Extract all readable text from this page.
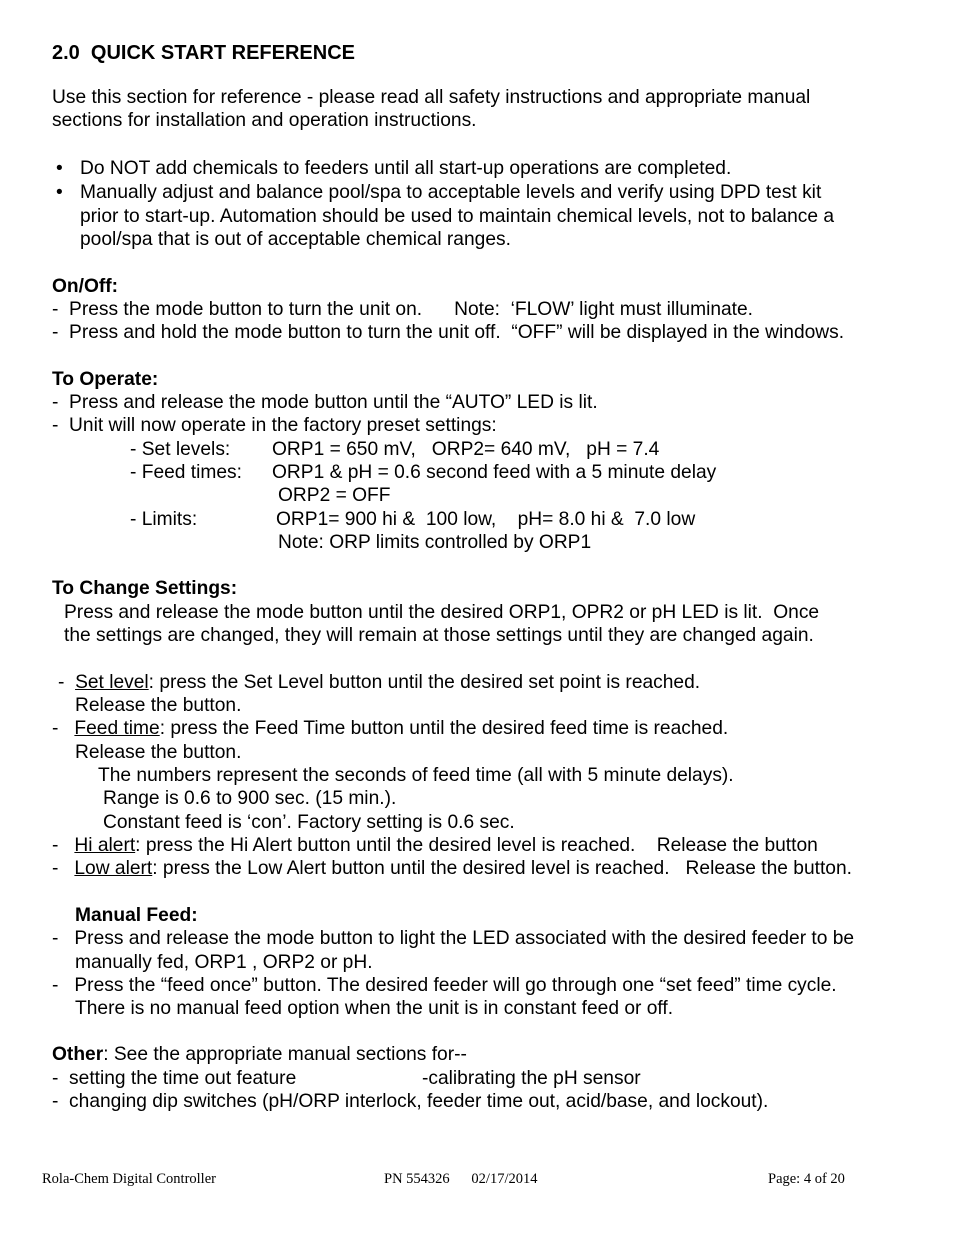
2.0  QUICK START REFERENCE
Use this section for reference - please read all safety instructions and appropriate manual
sections for installation and operation instructions.
• Do NOT add chemicals to feeders until all start-up operations are completed.
• Manually adjust and balance pool/spa to acceptable levels and verify using DPD test kit
prior to start-up. Automation should be used to maintain chemical levels, not to balance a
pool/spa that is out of acceptable chemical ranges.
On/Off:
-  Press the mode button to turn the unit on.      Note:  ‘FLOW’ light must illuminate.
-  Press and hold the mode button to turn the unit off.  “OFF” will be displayed in the windows.
To Operate:
-  Press and release the mode button until the “AUTO” LED is lit.
-  Unit will now operate in the factory preset settings:
- Set levels: ORP1 = 650 mV,   ORP2= 640 mV,   pH = 7.4
- Feed times: ORP1 & pH = 0.6 second feed with a 5 minute delay
ORP2 = OFF
- Limits:	ORP1= 900 hi &  100 low,    pH= 8.0 hi &  7.0 low
Note: ORP limits controlled by ORP1
To Change Settings:
Press and release the mode button until the desired ORP1, OPR2 or pH LED is lit.  Once
the settings are changed, they will remain at those settings until they are changed again.
-  Set level: press the Set Level button until the desired set point is reached.
Release the button.
-   Feed time: press the Feed Time button until the desired feed time is reached.
Release the button.
The numbers represent the seconds of feed time (all with 5 minute delays).
Range is 0.6 to 900 sec. (15 min.).
Constant feed is ‘con’. Factory setting is 0.6 sec.
-   Hi alert: press the Hi Alert button until the desired level is reached.    Release the button
-   Low alert: press the Low Alert button until the desired level is reached.   Release the button.
Manual Feed:
-   Press and release the mode button to light the LED associated with the desired feeder to be
manually fed, ORP1 , ORP2 or pH.
-   Press the “feed once” button. The desired feeder will go through one “set feed” time cycle.
There is no manual feed option when the unit is in constant feed or off.
Other: See the appropriate manual sections for--
-  setting the time out feature	-calibrating the pH sensor
-  changing dip switches (pH/ORP interlock, feeder time out, acid/base, and lockout).
Rola-Chem Digital Controller	PN 554326      02/17/2014	Page: 4 of 20
